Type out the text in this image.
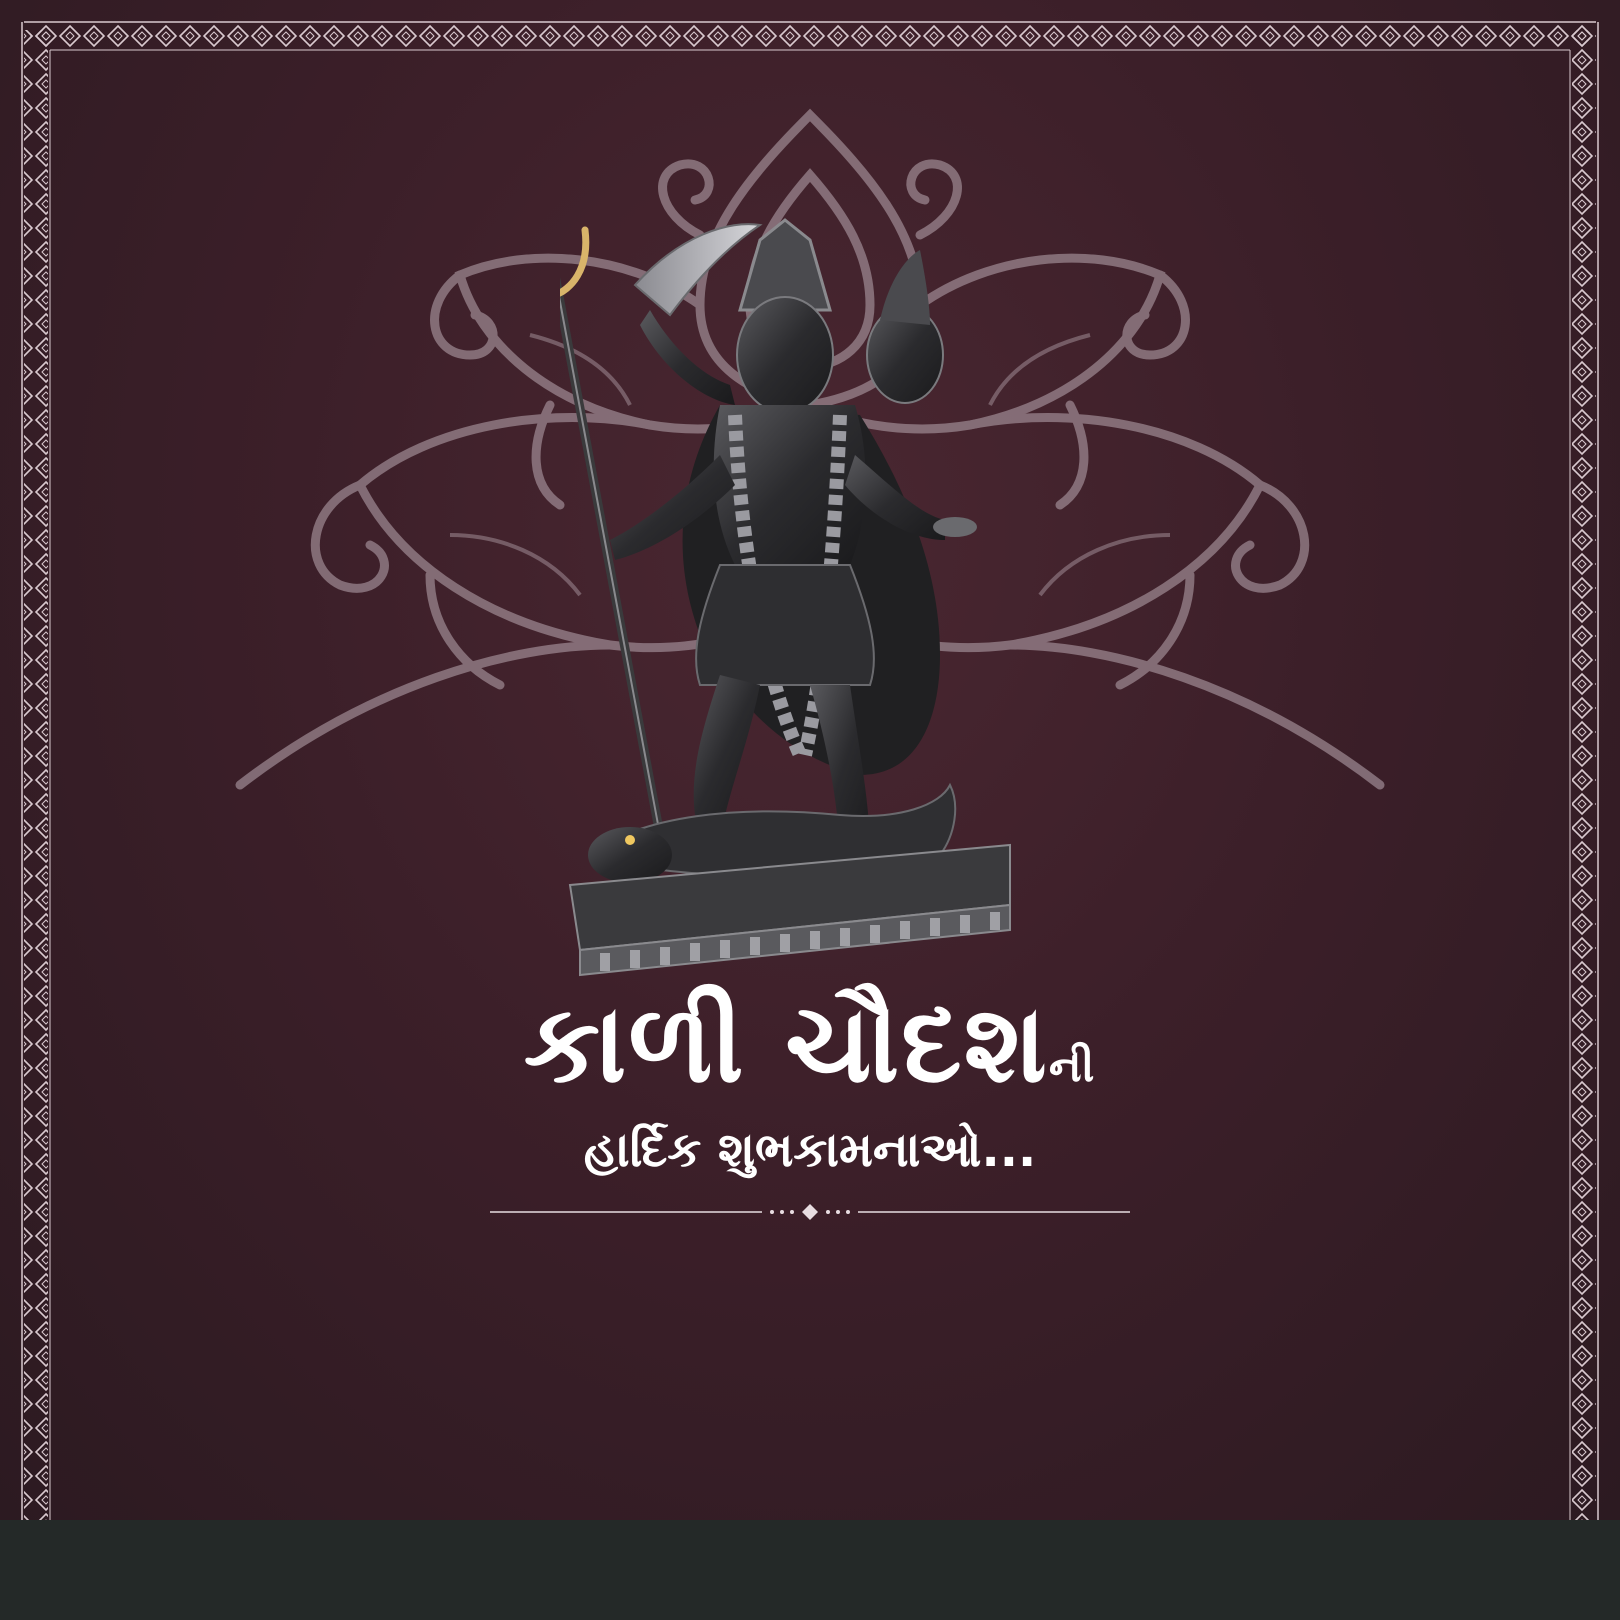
કાળી ચૌદશની
હાર્દિક શુભકામનાઓ...
